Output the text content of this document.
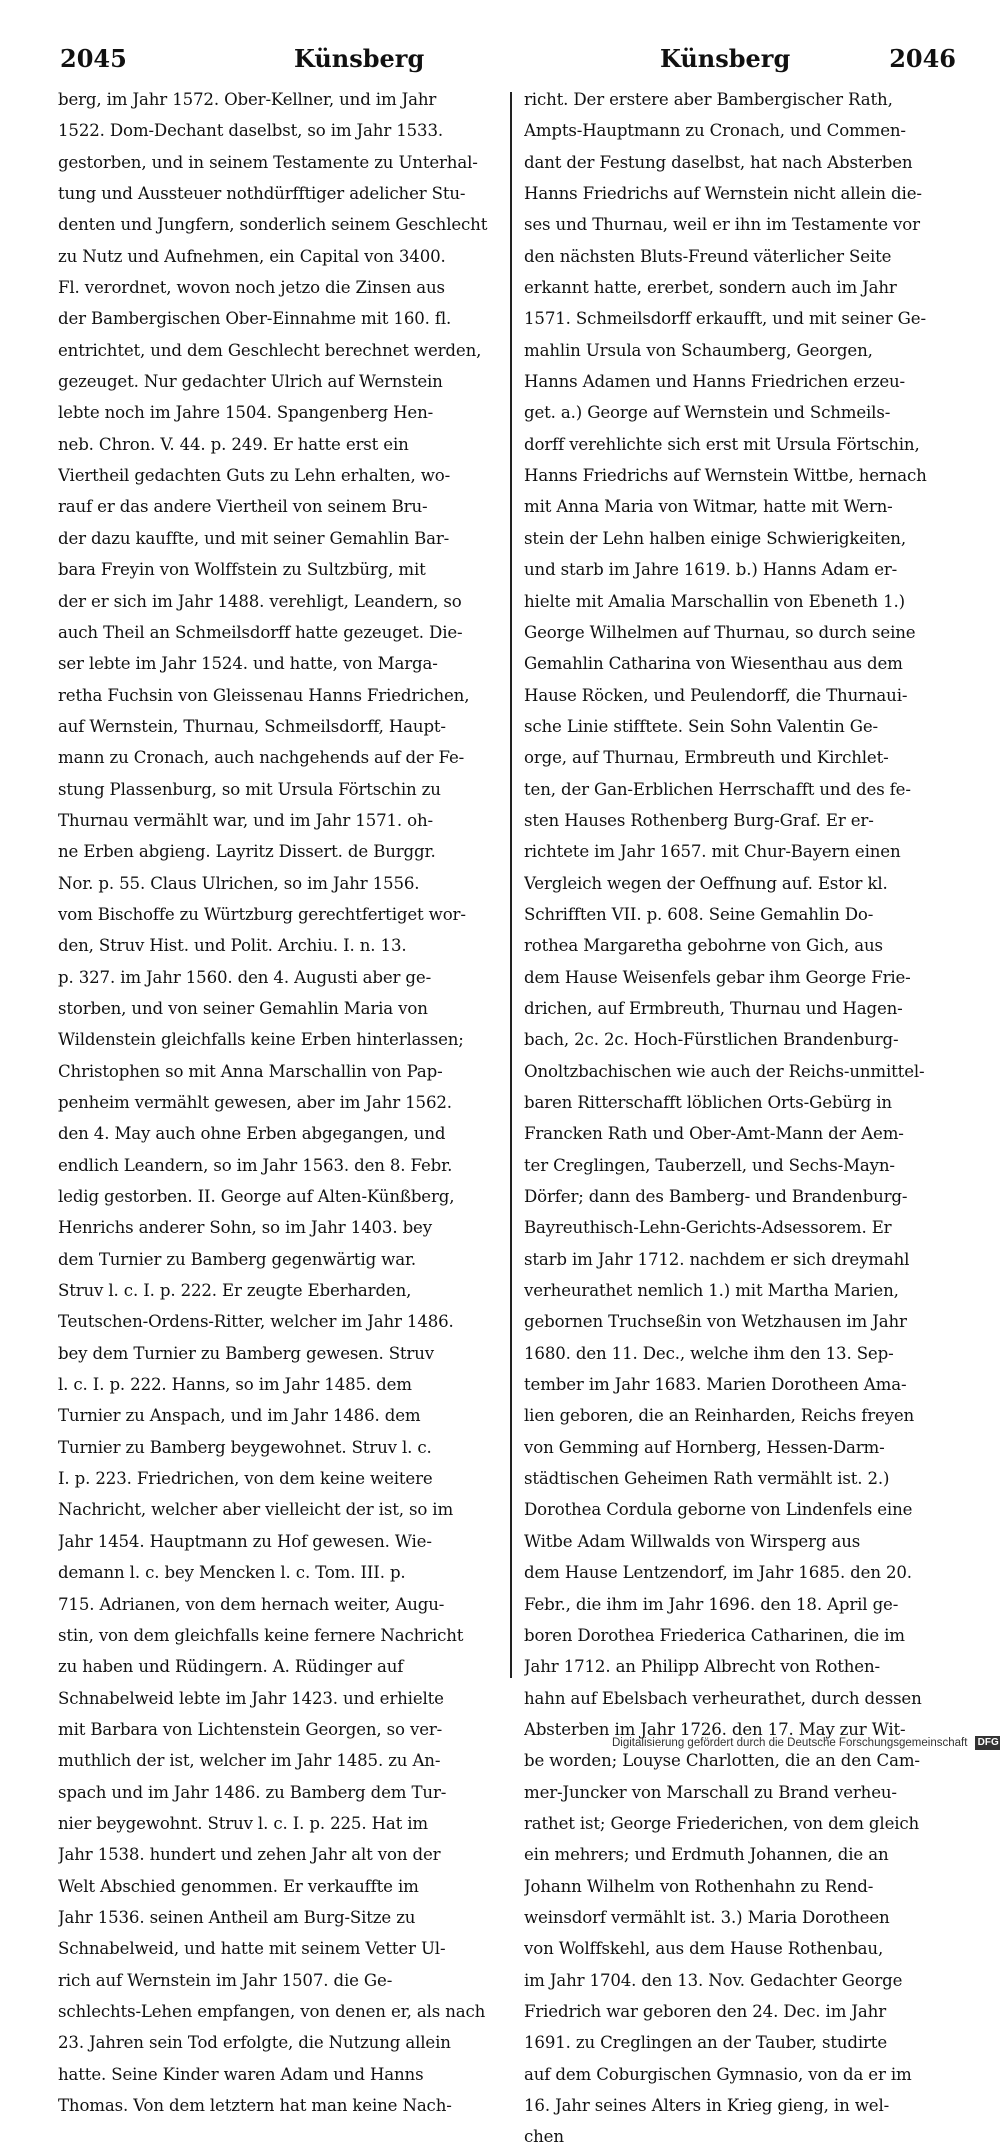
2045	Künsberg	Künsberg	2046
berg, im Jahr 1572. Ober-Kellner, und im Jahr
1522. Dom-Dechant daselbst, so im Jahr 1533.
gestorben, und in seinem Testamente zu Unterhal-
tung und Aussteuer nothdürfftiger adelicher Stu-
denten und Jungfern, sonderlich seinem Geschlecht
zu Nutz und Aufnehmen, ein Capital von 3400.
Fl. verordnet, wovon noch jetzo die Zinsen aus
der Bambergischen Ober-Einnahme mit 160. fl.
entrichtet, und dem Geschlecht berechnet werden,
gezeuget. Nur gedachter Ulrich auf Wernstein
lebte noch im Jahre 1504. Spangenberg Hen-
neb. Chron. V. 44. p. 249. Er hatte erst ein
Viertheil gedachten Guts zu Lehn erhalten, wo-
rauf er das andere Viertheil von seinem Bru-
der dazu kauffte, und mit seiner Gemahlin Bar-
bara Freyin von Wolffstein zu Sultzbürg, mit
der er sich im Jahr 1488. verehligt, Leandern, so
auch Theil an Schmeilsdorff hatte gezeuget. Die-
ser lebte im Jahr 1524. und hatte, von Marga-
retha Fuchsin von Gleissenau Hanns Friedrichen,
auf Wernstein, Thurnau, Schmeilsdorff, Haupt-
mann zu Cronach, auch nachgehends auf der Fe-
stung Plassenburg, so mit Ursula Förtschin zu
Thurnau vermählt war, und im Jahr 1571. oh-
ne Erben abgieng. Layritz Dissert. de Burggr.
Nor. p. 55. Claus Ulrichen, so im Jahr 1556.
vom Bischoffe zu Würtzburg gerechtfertiget wor-
den, Struv Hist. und Polit. Archiu. I. n. 13.
p. 327. im Jahr 1560. den 4. Augusti aber ge-
storben, und von seiner Gemahlin Maria von
Wildenstein gleichfalls keine Erben hinterlassen;
Christophen so mit Anna Marschallin von Pap-
penheim vermählt gewesen, aber im Jahr 1562.
den 4. May auch ohne Erben abgegangen, und
endlich Leandern, so im Jahr 1563. den 8. Febr.
ledig gestorben. II. George auf Alten-Künßberg,
Henrichs anderer Sohn, so im Jahr 1403. bey
dem Turnier zu Bamberg gegenwärtig war.
Struv l. c. I. p. 222. Er zeugte Eberharden,
Teutschen-Ordens-Ritter, welcher im Jahr 1486.
bey dem Turnier zu Bamberg gewesen. Struv
l. c. I. p. 222. Hanns, so im Jahr 1485. dem
Turnier zu Anspach, und im Jahr 1486. dem
Turnier zu Bamberg beygewohnet. Struv l. c.
I. p. 223. Friedrichen, von dem keine weitere
Nachricht, welcher aber vielleicht der ist, so im
Jahr 1454. Hauptmann zu Hof gewesen. Wie-
demann l. c. bey Mencken l. c. Tom. III. p.
715. Adrianen, von dem hernach weiter, Augu-
stin, von dem gleichfalls keine fernere Nachricht
zu haben und Rüdingern. A. Rüdinger auf
Schnabelweid lebte im Jahr 1423. und erhielte
mit Barbara von Lichtenstein Georgen, so ver-
muthlich der ist, welcher im Jahr 1485. zu An-
spach und im Jahr 1486. zu Bamberg dem Tur-
nier beygewohnt. Struv l. c. I. p. 225. Hat im
Jahr 1538. hundert und zehen Jahr alt von der
Welt Abschied genommen. Er verkauffte im
Jahr 1536. seinen Antheil am Burg-Sitze zu
Schnabelweid, und hatte mit seinem Vetter Ul-
rich auf Wernstein im Jahr 1507. die Ge-
schlechts-Lehen empfangen, von denen er, als nach
23. Jahren sein Tod erfolgte, die Nutzung allein
hatte. Seine Kinder waren Adam und Hanns
Thomas. Von dem letztern hat man keine Nach-
richt. Der erstere aber Bambergischer Rath,
Ampts-Hauptmann zu Cronach, und Commen-
dant der Festung daselbst, hat nach Absterben
Hanns Friedrichs auf Wernstein nicht allein die-
ses und Thurnau, weil er ihn im Testamente vor
den nächsten Bluts-Freund väterlicher Seite
erkannt hatte, ererbet, sondern auch im Jahr
1571. Schmeilsdorff erkaufft, und mit seiner Ge-
mahlin Ursula von Schaumberg, Georgen,
Hanns Adamen und Hanns Friedrichen erzeu-
get. a.) George auf Wernstein und Schmeils-
dorff verehlichte sich erst mit Ursula Förtschin,
Hanns Friedrichs auf Wernstein Wittbe, hernach
mit Anna Maria von Witmar, hatte mit Wern-
stein der Lehn halben einige Schwierigkeiten,
und starb im Jahre 1619. b.) Hanns Adam er-
hielte mit Amalia Marschallin von Ebeneth 1.)
George Wilhelmen auf Thurnau, so durch seine
Gemahlin Catharina von Wiesenthau aus dem
Hause Röcken, und Peulendorff, die Thurnaui-
sche Linie stifftete. Sein Sohn Valentin Ge-
orge, auf Thurnau, Ermbreuth und Kirchlet-
ten, der Gan-Erblichen Herrschafft und des fe-
sten Hauses Rothenberg Burg-Graf. Er er-
richtete im Jahr 1657. mit Chur-Bayern einen
Vergleich wegen der Oeffnung auf. Estor kl.
Schrifften VII. p. 608. Seine Gemahlin Do-
rothea Margaretha gebohrne von Gich, aus
dem Hause Weisenfels gebar ihm George Frie-
drichen, auf Ermbreuth, Thurnau und Hagen-
bach, 2c. 2c. Hoch-Fürstlichen Brandenburg-
Onoltzbachischen wie auch der Reichs-unmittel-
baren Ritterschafft löblichen Orts-Gebürg in
Francken Rath und Ober-Amt-Mann der Aem-
ter Creglingen, Tauberzell, und Sechs-Mayn-
Dörfer; dann des Bamberg- und Brandenburg-
Bayreuthisch-Lehn-Gerichts-Adsessorem. Er
starb im Jahr 1712. nachdem er sich dreymahl
verheurathet nemlich 1.) mit Martha Marien,
gebornen Truchseßin von Wetzhausen im Jahr
1680. den 11. Dec., welche ihm den 13. Sep-
tember im Jahr 1683. Marien Dorotheen Ama-
lien geboren, die an Reinharden, Reichs freyen
von Gemming auf Hornberg, Hessen-Darm-
städtischen Geheimen Rath vermählt ist. 2.)
Dorothea Cordula geborne von Lindenfels eine
Witbe Adam Willwalds von Wirsperg aus
dem Hause Lentzendorf, im Jahr 1685. den 20.
Febr., die ihm im Jahr 1696. den 18. April ge-
boren Dorothea Friederica Catharinen, die im
Jahr 1712. an Philipp Albrecht von Rothen-
hahn auf Ebelsbach verheurathet, durch dessen
Absterben im Jahr 1726. den 17. May zur Wit-
be worden; Louyse Charlotten, die an den Cam-
mer-Juncker von Marschall zu Brand verheu-
rathet ist; George Friederichen, von dem gleich
ein mehrers; und Erdmuth Johannen, die an
Johann Wilhelm von Rothenhahn zu Rend-
weinsdorf vermählt ist. 3.) Maria Dorotheen
von Wolffskehl, aus dem Hause Rothenbau,
im Jahr 1704. den 13. Nov. Gedachter George
Friedrich war geboren den 24. Dec. im Jahr
1691. zu Creglingen an der Tauber, studirte
auf dem Coburgischen Gymnasio, von da er im
16. Jahr seines Alters in Krieg gieng, in wel-
chen
Digitalisierung gefördert durch die Deutsche Forschungsgemeinschaft DFG
